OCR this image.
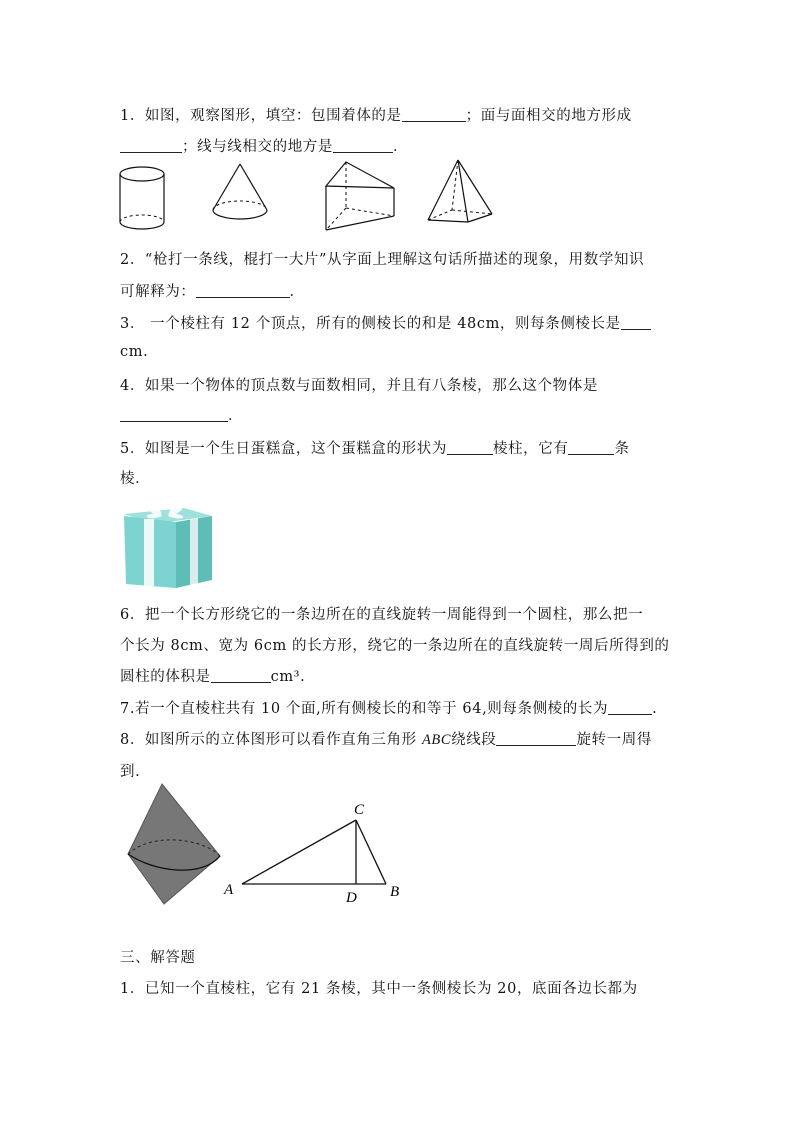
1．如图，观察图形，填空：包围着体的是	；面与面相交的地方形成
；线与线相交的地方是	．
2．“枪打一条线，棍打一大片”从字面上理解这句话所描述的现象，用数学知识
可解释为：	．
3． 一个棱柱有 12 个顶点，所有的侧棱长的和是 48cm，则每条侧棱长是
cm.
4．如果一个物体的顶点数与面数相同，并且有八条棱，那么这个物体是
．
5．如图是一个生日蛋糕盒，这个蛋糕盒的形状为	棱柱，它有	条
棱．
6．把一个长方形绕它的一条边所在的直线旋转一周能得到一个圆柱，那么把一
个长为 8cm、宽为 6cm 的长方形，绕它的一条边所在的直线旋转一周后所得到的
圆柱的体积是	cm³.
7.若一个直棱柱共有 10 个面,所有侧棱长的和等于 64,则每条侧棱的长为	.
8．如图所示的立体图形可以看作直角三角形 ABC绕线段	旋转一周得
到.
A
C
D B
三、解答题
1．已知一个直棱柱，它有 21 条棱，其中一条侧棱长为 20，底面各边长都为
